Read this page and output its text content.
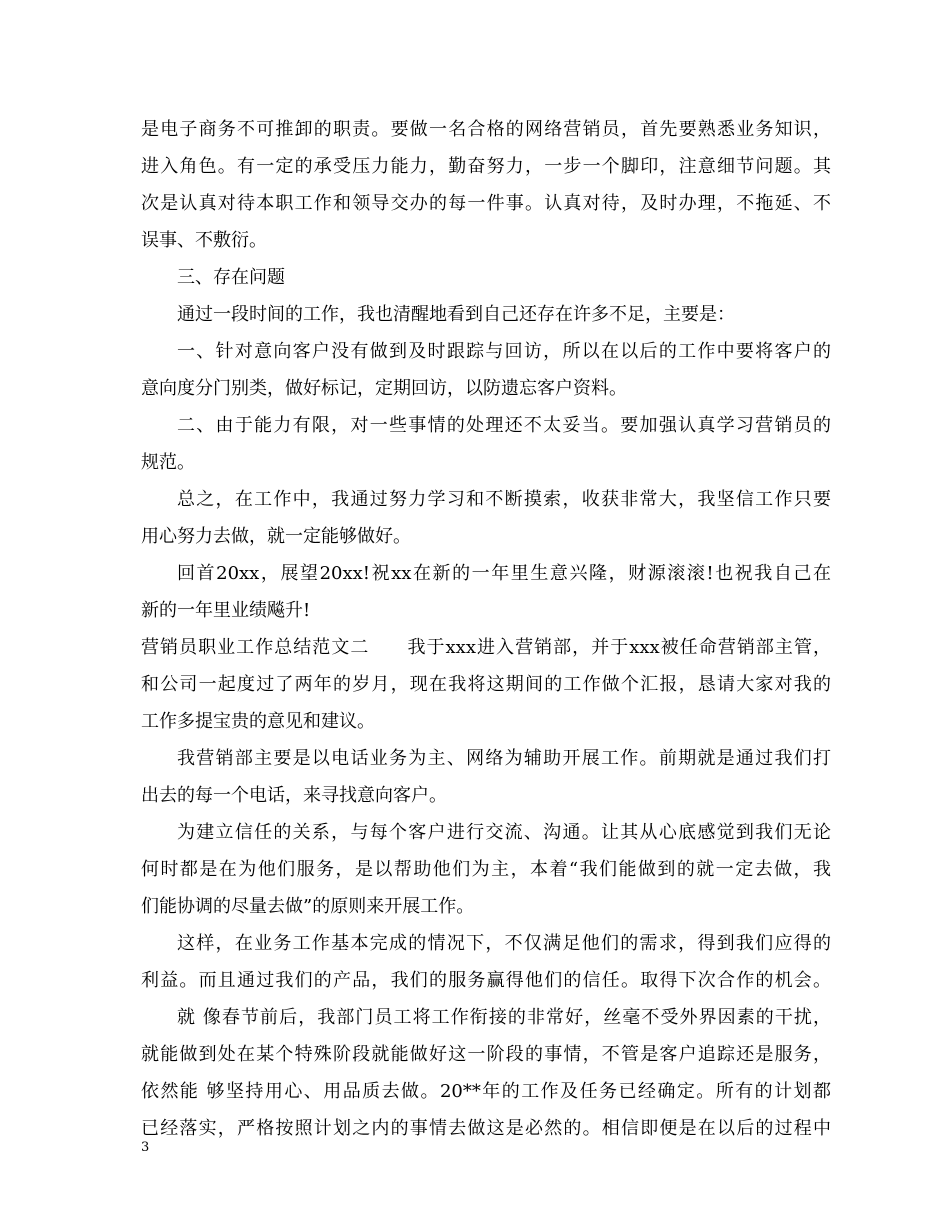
是电子商务不可推卸的职责。要做一名合格的网络营销员，首先要熟悉业务知识，
进入角色。有一定的承受压力能力，勤奋努力，一步一个脚印，注意细节问题。其
次是认真对待本职工作和领导交办的每一件事。认真对待，及时办理，不拖延、不
误事、不敷衍。
三、存在问题
通过一段时间的工作，我也清醒地看到自己还存在许多不足，主要是：
一、针对意向客户没有做到及时跟踪与回访，所以在以后的工作中要将客户的
意向度分门别类，做好标记，定期回访，以防遗忘客户资料。
二、由于能力有限，对一些事情的处理还不太妥当。要加强认真学习营销员的
规范。
总之，在工作中，我通过努力学习和不断摸索，收获非常大，我坚信工作只要
用心努力去做，就一定能够做好。
回首20xx，展望20xx!祝xx在新的一年里生意兴隆，财源滚滚!也祝我自己在
新的一年里业绩飚升!
营销员职业工作总结范文二　　我于xxx进入营销部，并于xxx被任命营销部主管，
和公司一起度过了两年的岁月，现在我将这期间的工作做个汇报，恳请大家对我的
工作多提宝贵的意见和建议。
我营销部主要是以电话业务为主、网络为辅助开展工作。前期就是通过我们打
出去的每一个电话，来寻找意向客户。
为建立信任的关系，与每个客户进行交流、沟通。让其从心底感觉到我们无论
何时都是在为他们服务，是以帮助他们为主，本着“我们能做到的就一定去做，我
们能协调的尽量去做”的原则来开展工作。
这样，在业务工作基本完成的情况下，不仅满足他们的需求，得到我们应得的
利益。而且通过我们的产品，我们的服务赢得他们的信任。取得下次合作的机会。
就 像春节前后，我部门员工将工作衔接的非常好，丝毫不受外界因素的干扰，
就能做到处在某个特殊阶段就能做好这一阶段的事情，不管是客户追踪还是服务，
依然能 够坚持用心、用品质去做。20**年的工作及任务已经确定。所有的计划都
已经落实，严格按照计划之内的事情去做这是必然的。相信即便是在以后的过程中
3
